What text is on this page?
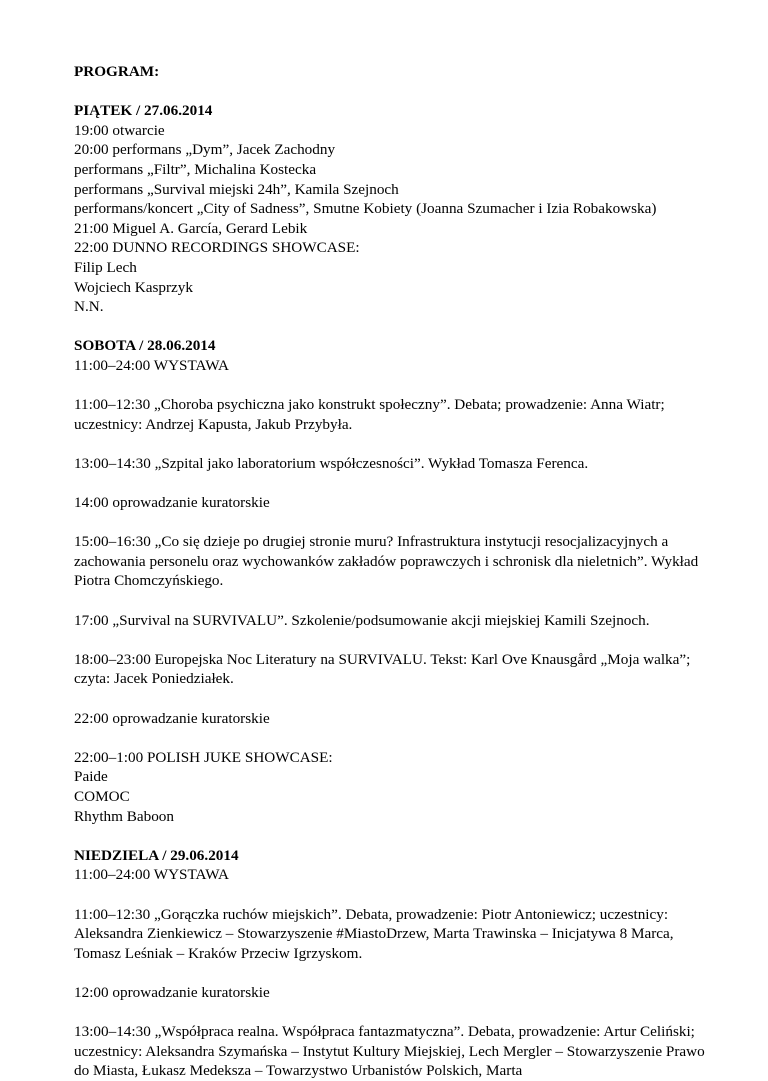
PROGRAM:
PIĄTEK / 27.06.2014
19:00 otwarcie
20:00 performans „Dym”, Jacek Zachodny
performans „Filtr”, Michalina Kostecka
performans „Survival miejski 24h”, Kamila Szejnoch
performans/koncert „City of Sadness”, Smutne Kobiety (Joanna Szumacher i Izia Robakowska)
21:00 Miguel A. García, Gerard Lebik
22:00 DUNNO RECORDINGS SHOWCASE:
Filip Lech
Wojciech Kasprzyk
N.N.
SOBOTA / 28.06.2014
11:00–24:00 WYSTAWA
11:00–12:30 „Choroba psychiczna jako konstrukt społeczny”. Debata; prowadzenie: Anna Wiatr; uczestnicy: Andrzej Kapusta, Jakub Przybyła.
13:00–14:30 „Szpital jako laboratorium współczesności”. Wykład Tomasza Ferenca.
14:00 oprowadzanie kuratorskie
15:00–16:30 „Co się dzieje po drugiej stronie muru? Infrastruktura instytucji resocjalizacyjnych a zachowania personelu oraz wychowanków zakładów poprawczych i schronisk dla nieletnich”. Wykład Piotra Chomczyńskiego.
17:00 „Survival na SURVIVALU”. Szkolenie/podsumowanie akcji miejskiej Kamili Szejnoch.
18:00–23:00 Europejska Noc Literatury na SURVIVALU. Tekst: Karl Ove Knausgård „Moja walka”; czyta: Jacek Poniedziałek.
22:00 oprowadzanie kuratorskie
22:00–1:00 POLISH JUKE SHOWCASE:
Paide
COMOC
Rhythm Baboon
NIEDZIELA / 29.06.2014
11:00–24:00 WYSTAWA
11:00–12:30 „Gorączka ruchów miejskich”. Debata, prowadzenie: Piotr Antoniewicz; uczestnicy: Aleksandra Zienkiewicz – Stowarzyszenie #MiastoDrzew, Marta Trawinska – Inicjatywa 8 Marca, Tomasz Leśniak – Kraków Przeciw Igrzyskom.
12:00 oprowadzanie kuratorskie
13:00–14:30 „Współpraca realna. Współpraca fantazmatyczna”. Debata, prowadzenie: Artur Celiński; uczestnicy: Aleksandra Szymańska – Instytut Kultury Miejskiej, Lech Mergler – Stowarzyszenie Prawo do Miasta, Łukasz Medeksza – Towarzystwo Urbanistów Polskich, Marta
